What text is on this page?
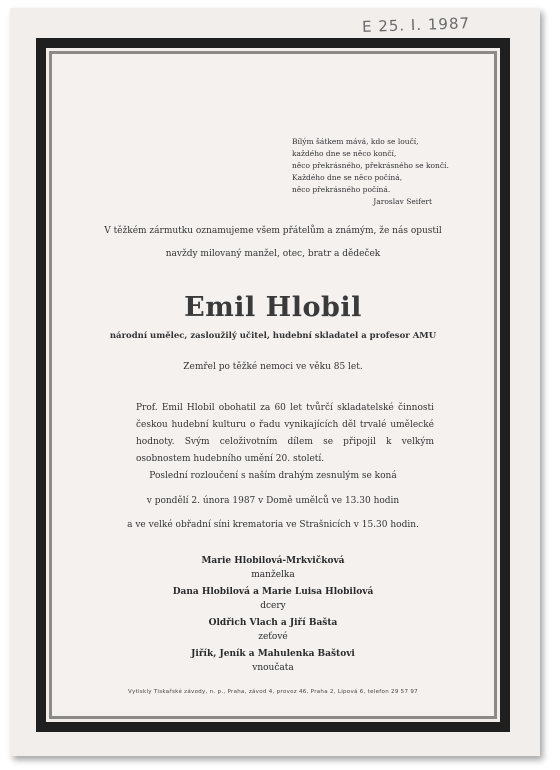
E 25. I. 1987
Bílým šátkem mává, kdo se loučí,
každého dne se něco končí,
něco překrásného, překrásného se končí.
Každého dne se něco počíná,
něco překrásného počíná.
Jaroslav Seifert
V těžkém zármutku oznamujeme všem přátelům a známým, že nás opustil
navždy milovaný manžel, otec, bratr a dědeček
Emil Hlobil
národní umělec, zasloužilý učitel, hudební skladatel a profesor AMU
Zemřel po těžké nemoci ve věku 85 let.
Prof. Emil Hlobil obohatil za 60 let tvůrčí skladatelské činnosti českou hudební kulturu o řadu vynikajících děl trvalé umělecké hodnoty. Svým celoživotním dílem se připojil k velkým osobnostem hudebního umění 20. století.
Poslední rozloučení s naším drahým zesnulým se koná
v pondělí 2. února 1987 v Domě umělců ve 13.30 hodin
a ve velké obřadní síni krematoria ve Strašnicích v 15.30 hodin.
Marie Hlobilová-Mrkvičková
manželka
Dana Hlobilová a Marie Luisa Hlobilová
dcery
Oldřich Vlach a Jiří Bašta
zeťové
Jiřík, Jeník a Mahulenka Baštovi
vnoučata
Vytiskly Tiskařské závody, n. p., Praha, závod 4, provoz 46, Praha 2, Lipová 6, telefon 29 57 97
